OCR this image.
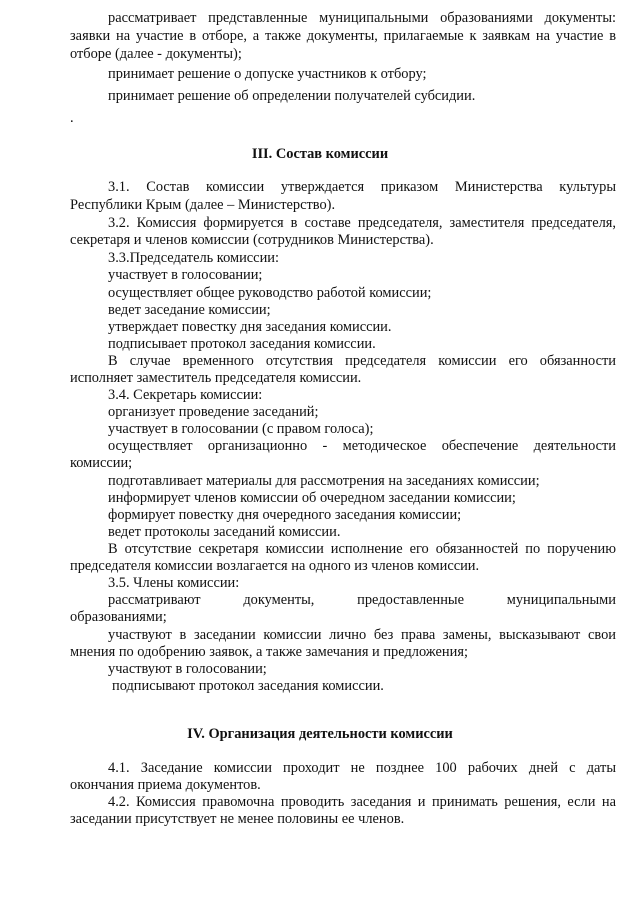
рассматривает представленные муниципальными образованиями документы:
заявки на участие в отборе, а также документы, прилагаемые к заявкам на участие в
отборе (далее - документы);
принимает решение о допуске участников к отбору;
принимает решение об определении получателей субсидии.
.
III. Состав комиссии
3.1. Состав комиссии утверждается приказом Министерства культуры
Республики Крым (далее – Министерство).
3.2. Комиссия формируется в составе председателя, заместителя председателя,
секретаря и членов комиссии (сотрудников Министерства).
3.3.Председатель комиссии:
участвует в голосовании;
осуществляет общее руководство работой комиссии;
ведет заседание комиссии;
утверждает повестку дня заседания комиссии.
подписывает протокол заседания комиссии.
В случае временного отсутствия председателя комиссии его обязанности
исполняет заместитель председателя комиссии.
3.4. Секретарь комиссии:
организует проведение заседаний;
участвует в голосовании (с правом голоса);
осуществляет организационно - методическое обеспечение деятельности
комиссии;
подготавливает материалы для рассмотрения на заседаниях комиссии;
информирует членов комиссии об очередном заседании комиссии;
формирует повестку дня очередного заседания комиссии;
ведет протоколы заседаний комиссии.
В отсутствие секретаря комиссии исполнение его обязанностей по поручению
председателя комиссии возлагается на одного из членов комиссии.
3.5. Члены комиссии:
рассматривают документы, предоставленные муниципальными
образованиями;
участвуют в заседании комиссии лично без права замены, высказывают свои
мнения по одобрению заявок, а также замечания и предложения;
участвуют в голосовании;
подписывают протокол заседания комиссии.
IV. Организация деятельности комиссии
4.1. Заседание комиссии проходит не позднее 100 рабочих дней с даты
окончания приема документов.
4.2. Комиссия правомочна проводить заседания и принимать решения, если на
заседании присутствует не менее половины ее членов.
